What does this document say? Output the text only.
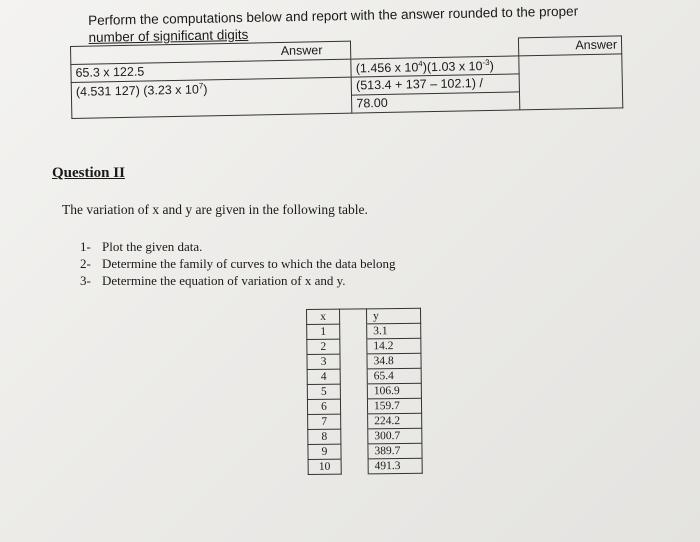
Perform the computations below and report with the answer rounded to the proper
number of significant digits
Answer		Answer
65.3 x 122.5	(1.456 x $10^4)(1.03$ x $10^{-3}$)	
(4.531 127) (3.23 x $10^7$)	(513.4 + 137 – 102.1) /	
	78.00	
Question II
The variation of x and y are given in the following table.
1- Plot the given data.
2- Determine the family of curves to which the data belong
3- Determine the equation of variation of x and y.
x		y
1		3.1
2		14.2
3		34.8
4		65.4
5		106.9
6		159.7
7		224.2
8		300.7
9		389.7
10		491.3
